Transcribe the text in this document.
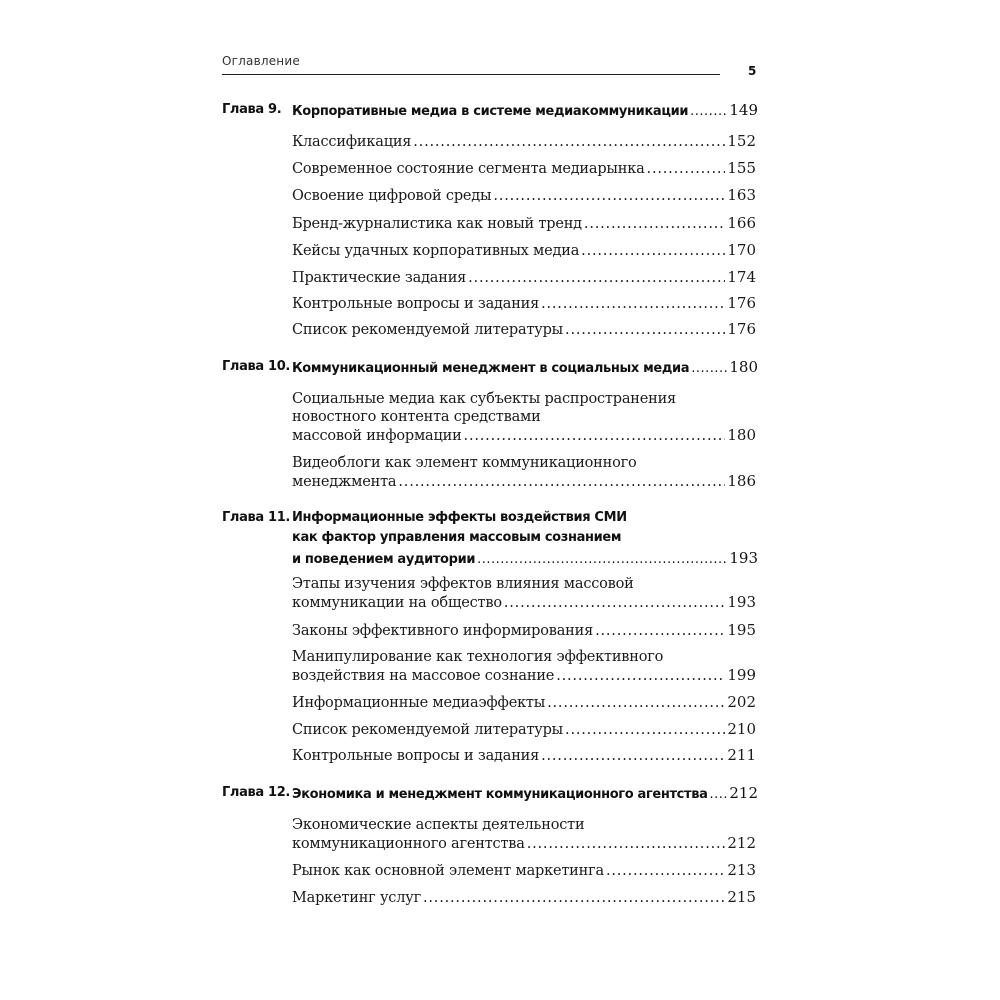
Оглавление
5
Глава 9. Корпоративные медиа в системе медиакоммуникации .....	149
Классификация .....	152
Современное состояние сегмента медиарынка .....	155
Освоение цифровой среды .....	163
Бренд-журналистика как новый тренд .....	166
Кейсы удачных корпоративных медиа .....	170
Практические задания .....	174
Контрольные вопросы и задания .....	176
Список рекомендуемой литературы .....	176
Глава 10. Коммуникационный менеджмент в социальных медиа .....	180
Социальные медиа как субъекты распространения
новостного контента средствами
массовой информации .....	180
Видеоблоги как элемент коммуникационного
менеджмента .....	186
Глава 11. Информационные эффекты воздействия СМИ
как фактор управления массовым сознанием
и поведением аудитории .....	193
Этапы изучения эффектов влияния массовой
коммуникации на общество .....	193
Законы эффективного информирования .....	195
Манипулирование как технология эффективного
воздействия на массовое сознание .....	199
Информационные медиаэффекты .....	202
Список рекомендуемой литературы .....	210
Контрольные вопросы и задания .....	211
Глава 12. Экономика и менеджмент коммуникационного агентства ..... 212
Экономические аспекты деятельности
коммуникационного агентства .....	212
Рынок как основной элемент маркетинга .....	213
Маркетинг услуг .....	215
